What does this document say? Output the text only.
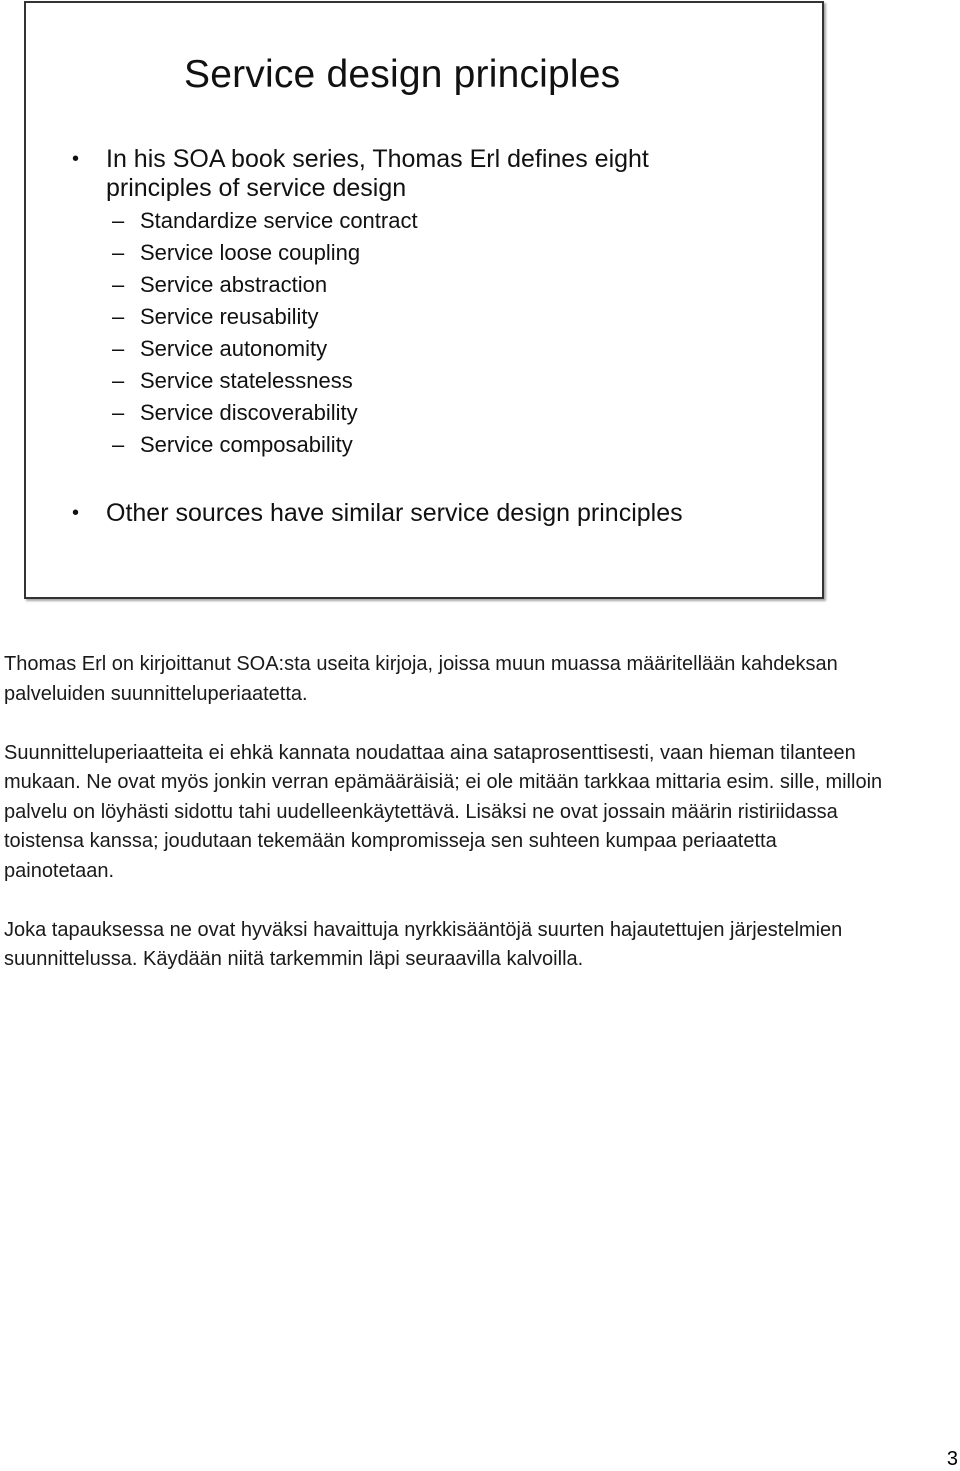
Service design principles
• In his SOA book series, Thomas Erl defines eight principles of service design
– Standardize service contract
– Service loose coupling
– Service abstraction
– Service reusability
– Service autonomity
– Service statelessness
– Service discoverability
– Service composability
• Other sources have similar service design principles

Thomas Erl on kirjoittanut SOA:sta useita kirjoja, joissa muun muassa määritellään kahdeksan palveluiden suunnitteluperiaatetta.

Suunnitteluperiaatteita ei ehkä kannata noudattaa aina sataprosenttisesti, vaan hieman tilanteen mukaan. Ne ovat myös jonkin verran epämääräisiä; ei ole mitään tarkkaa mittaria esim. sille, milloin palvelu on löyhästi sidottu tahi uudelleenkäytettävä. Lisäksi ne ovat jossain määrin ristiriidassa toistensa kanssa; joudutaan tekemään kompromisseja sen suhteen kumpaa periaatetta painotetaan.

Joka tapauksessa ne ovat hyväksi havaittuja nyrkkisääntöjä suurten hajautettujen järjestelmien suunnittelussa. Käydään niitä tarkemmin läpi seuraavilla kalvoilla.

3
